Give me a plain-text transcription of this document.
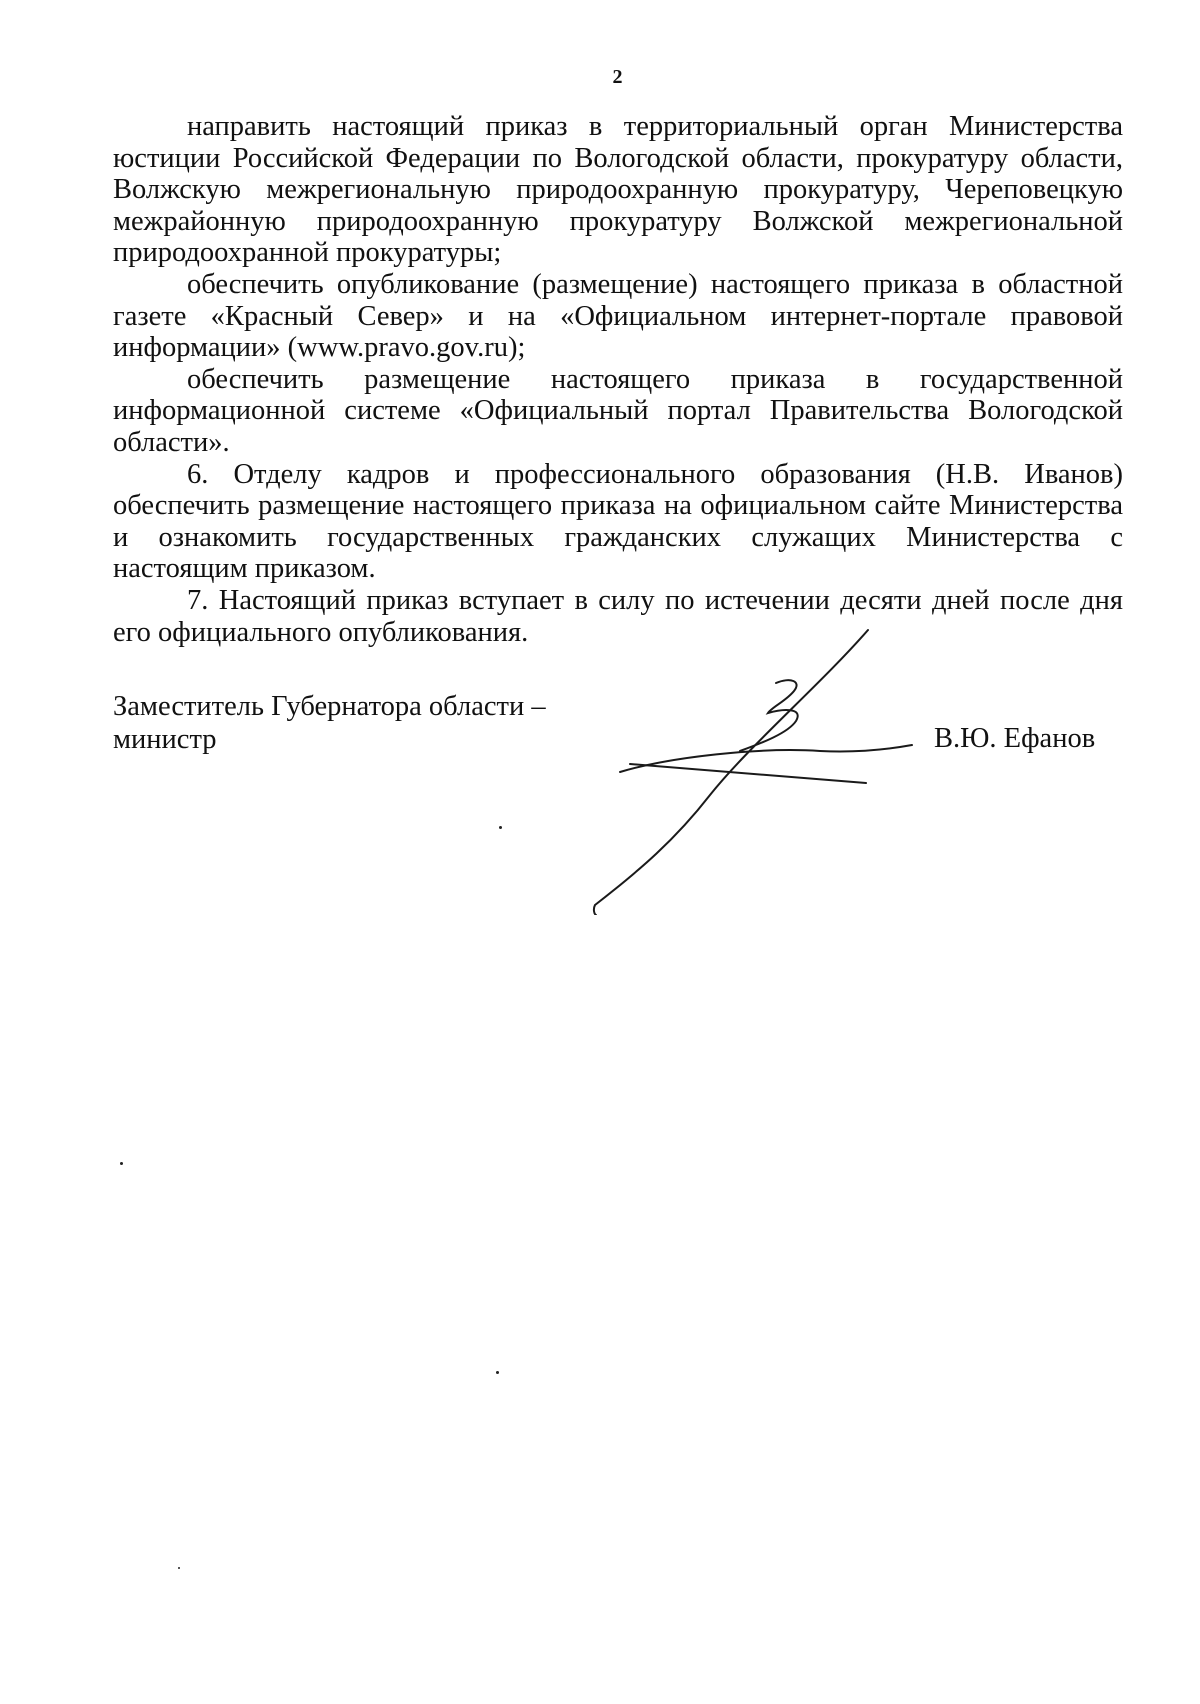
2

направить настоящий приказ в территориальный орган Министерства юстиции Российской Федерации по Вологодской области, прокуратуру области, Волжскую межрегиональную природоохранную прокуратуру, Череповецкую межрайонную природоохранную прокуратуру Волжской межрегиональной природоохранной прокуратуры;

обеспечить опубликование (размещение) настоящего приказа в областной газете «Красный Север» и на «Официальном интернет-портале правовой информации» (www.pravo.gov.ru);

обеспечить размещение настоящего приказа в государственной информационной системе «Официальный портал Правительства Вологодской области».

6. Отделу кадров и профессионального образования (Н.В. Иванов) обеспечить размещение настоящего приказа на официальном сайте Министерства и ознакомить государственных гражданских служащих Министерства с настоящим приказом.

7. Настоящий приказ вступает в силу по истечении десяти дней после дня его официального опубликования.

Заместитель Губернатора области –
министр	В.Ю. Ефанов
